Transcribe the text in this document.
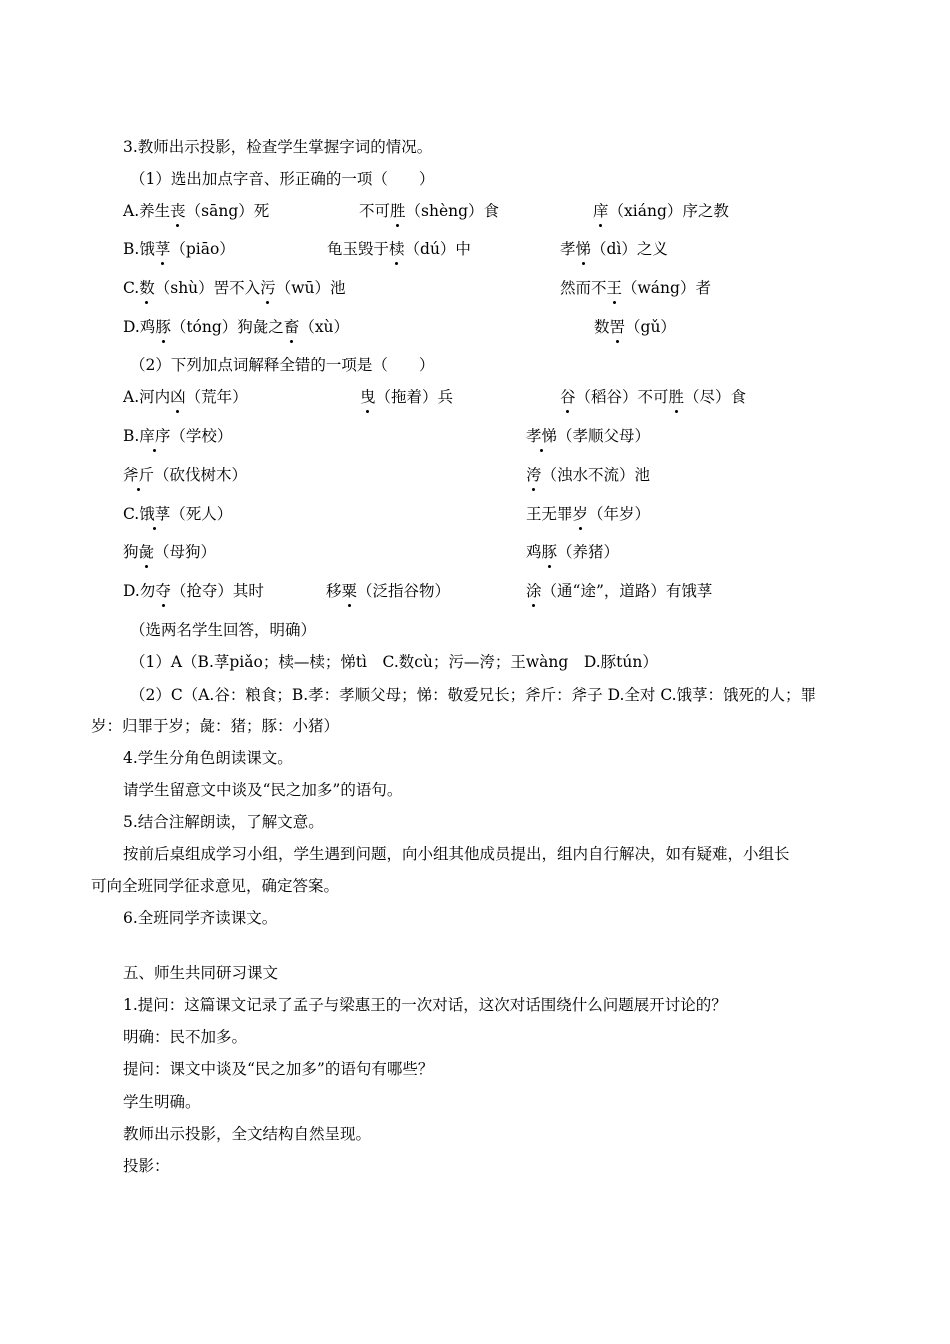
3.教师出示投影，检查学生掌握字词的情况。
（1）选出加点字音、形正确的一项（　　）
A.养生丧（sāng）死	不可胜（shèng）食	庠（xiáng）序之教
B.饿莩（piāo）	龟玉毁于椟（dú）中	孝悌（dì）之义
C.数（shù）罟不入污（wū）池	然而不王（wáng）者
D.鸡豚（tóng）狗彘之畜（xù）	数罟（gǔ）
（2）下列加点词解释全错的一项是（　　）
A.河内凶（荒年）	曳（拖着）兵	谷（稻谷）不可胜（尽）食
B.庠序（学校）	孝悌（孝顺父母）
斧斤（砍伐树木）	洿（浊水不流）池
C.饿莩（死人）	王无罪岁（年岁）
狗彘（母狗）	鸡豚（养猪）
D.勿夺（抢夺）其时	移粟（泛指谷物）	涂（通“途”，道路）有饿莩
（选两名学生回答，明确）
（1）A（B.莩piǎo；椟—椟；悌tì　C.数cù；污—洿；王wàng　D.豚tún）
（2）C（A.谷：粮食；B.孝：孝顺父母；悌：敬爱兄长；斧斤：斧子 D.全对 C.饿莩：饿死的人；罪
岁：归罪于岁；彘：猪；豚：小猪）
4.学生分角色朗读课文。
请学生留意文中谈及“民之加多”的语句。
5.结合注解朗读，了解文意。
按前后桌组成学习小组，学生遇到问题，向小组其他成员提出，组内自行解决，如有疑难，小组长
可向全班同学征求意见，确定答案。
6.全班同学齐读课文。
五、师生共同研习课文
1.提问：这篇课文记录了孟子与梁惠王的一次对话，这次对话围绕什么问题展开讨论的？
明确：民不加多。
提问：课文中谈及“民之加多”的语句有哪些？
学生明确。
教师出示投影，全文结构自然呈现。
投影：
